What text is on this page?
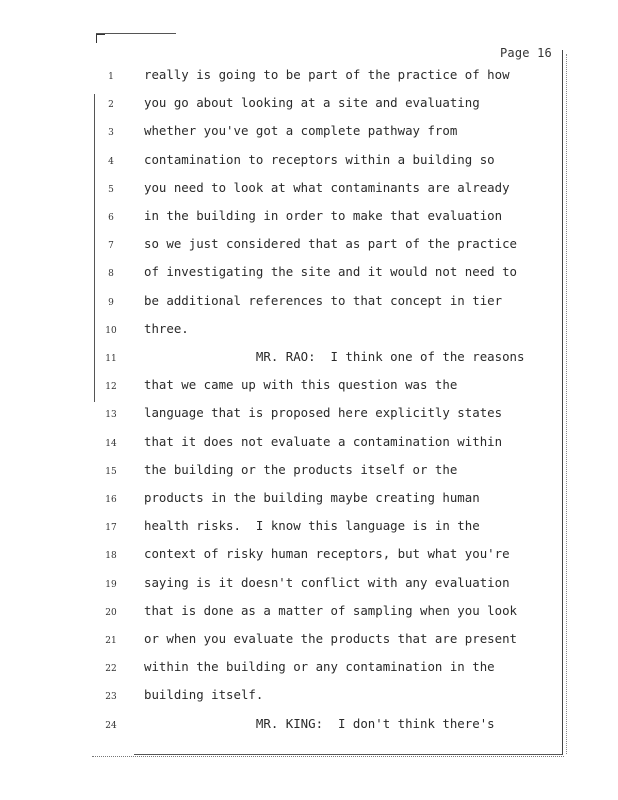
Page 16
1	really is going to be part of the practice of how
2	you go about looking at a site and evaluating
3	whether you've got a complete pathway from
4	contamination to receptors within a building so
5	you need to look at what contaminants are already
6	in the building in order to make that evaluation
7	so we just considered that as part of the practice
8	of investigating the site and it would not need to
9	be additional references to that concept in tier
10	three.
11	MR. RAO:  I think one of the reasons
12	that we came up with this question was the
13	language that is proposed here explicitly states
14	that it does not evaluate a contamination within
15	the building or the products itself or the
16	products in the building maybe creating human
17	health risks.  I know this language is in the
18	context of risky human receptors, but what you're
19	saying is it doesn't conflict with any evaluation
20	that is done as a matter of sampling when you look
21	or when you evaluate the products that are present
22	within the building or any contamination in the
23	building itself.
24	MR. KING:  I don't think there's
